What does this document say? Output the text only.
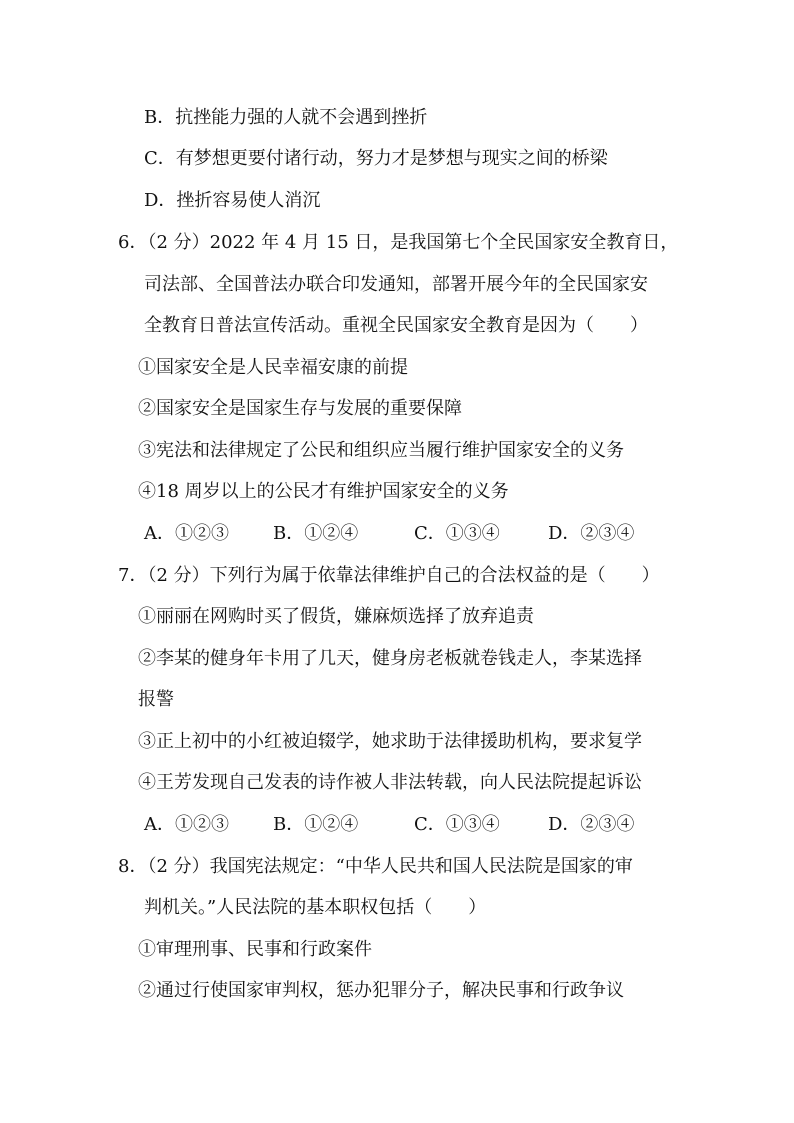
B．抗挫能力强的人就不会遇到挫折
C．有梦想更要付诸行动，努力才是梦想与现实之间的桥梁
D．挫折容易使人消沉
6．（2 分）2022 年 4 月 15 日，是我国第七个全民国家安全教育日，
司法部、全国普法办联合印发通知，部署开展今年的全民国家安
全教育日普法宣传活动。重视全民国家安全教育是因为（　　）
①国家安全是人民幸福安康的前提
②国家安全是国家生存与发展的重要保障
③宪法和法律规定了公民和组织应当履行维护国家安全的义务
④18 周岁以上的公民才有维护国家安全的义务
A．①②③ B．①②④	C．①③④	D．②③④
7．（2 分）下列行为属于依靠法律维护自己的合法权益的是（　　）
①丽丽在网购时买了假货，嫌麻烦选择了放弃追责
②李某的健身年卡用了几天，健身房老板就卷钱走人，李某选择
报警
③正上初中的小红被迫辍学，她求助于法律援助机构，要求复学
④王芳发现自己发表的诗作被人非法转载，向人民法院提起诉讼
A．①②③ B．①②④	C．①③④	D．②③④
8．（2 分）我国宪法规定：“中华人民共和国人民法院是国家的审
判机关。”人民法院的基本职权包括（　　）
①审理刑事、民事和行政案件
②通过行使国家审判权，惩办犯罪分子，解决民事和行政争议
